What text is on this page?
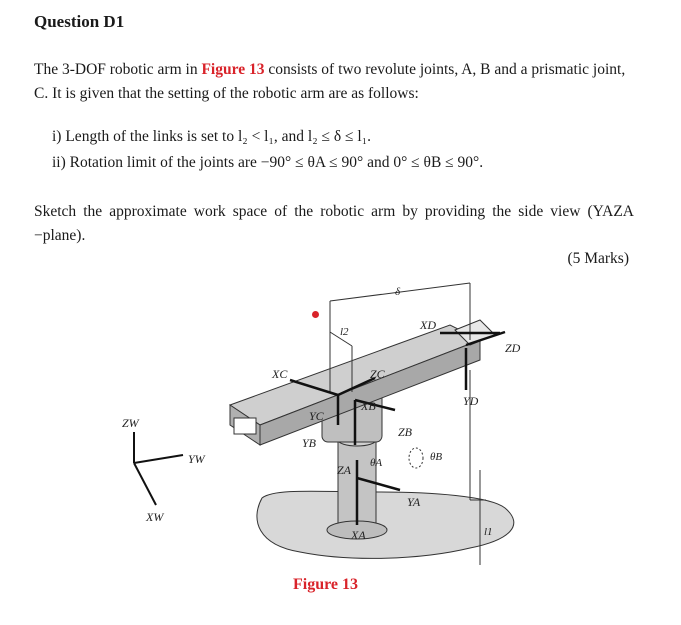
Question D1
The 3-DOF robotic arm in Figure 13 consists of two revolute joints, A, B and a prismatic joint, C. It is given that the setting of the robotic arm are as follows:
i) Length of the links is set to l₂ < l₁, and l₂ ≤ δ ≤ l₁.
ii) Rotation limit of the joints are −90° ≤ θA ≤ 90° and 0° ≤ θB ≤ 90°.
Sketch the approximate work space of the robotic arm by providing the side view (YAZA −plane).
(5 Marks)
δ
l2	XD
ZD
YD
XC	ZC
YC
XB
ZB
YB
θB
θA
ZA
YA
XA	l1
ZW
YW
XW
Figure 13
